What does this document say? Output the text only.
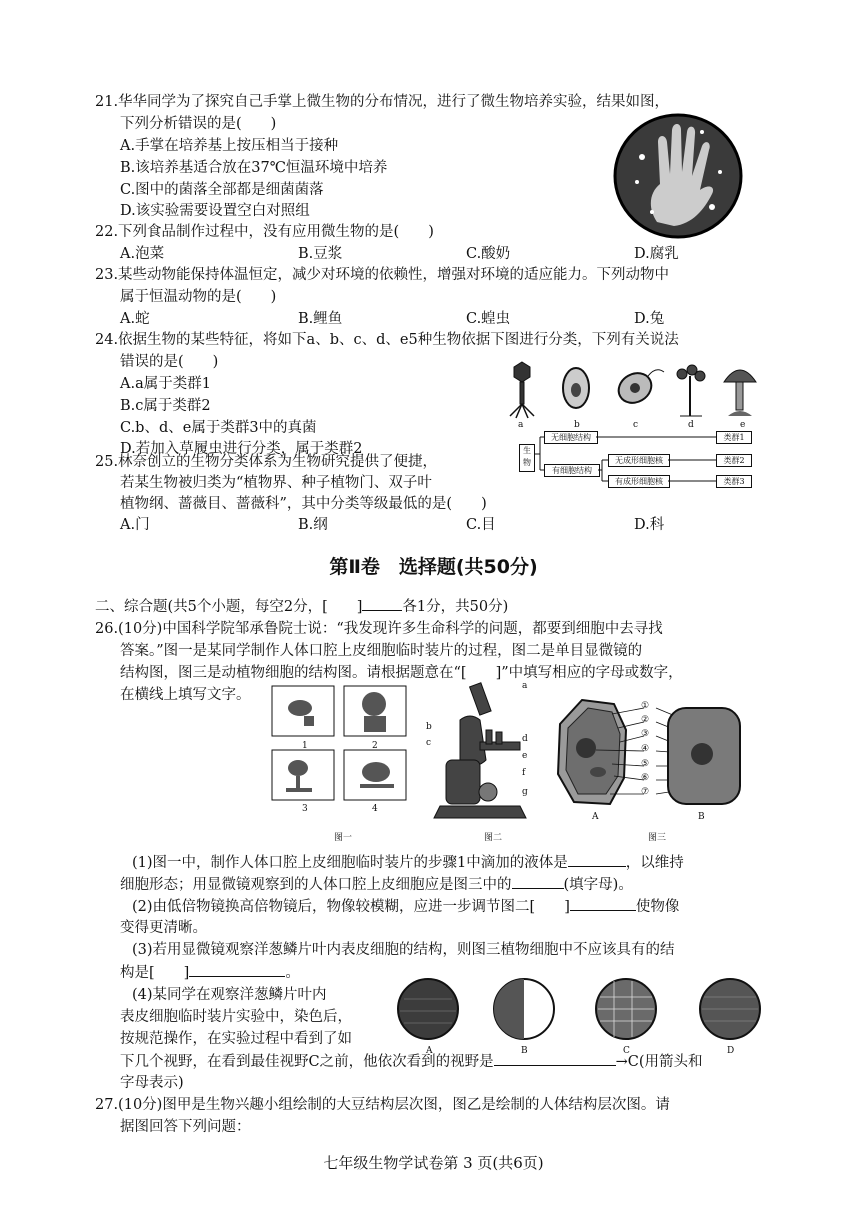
21.华华同学为了探究自己手掌上微生物的分布情况，进行了微生物培养实验，结果如图，
下列分析错误的是(　　)
A.手掌在培养基上按压相当于接种
B.该培养基适合放在37℃恒温环境中培养
C.图中的菌落全部都是细菌菌落
D.该实验需要设置空白对照组
22.下列食品制作过程中，没有应用微生物的是(　　)
A.泡菜	B.豆浆	C.酸奶	D.腐乳
23.某些动物能保持体温恒定，减少对环境的依赖性，增强对环境的适应能力。下列动物中
属于恒温动物的是(　　)
A.蛇	B.鲤鱼	C.蝗虫	D.兔
24.依据生物的某些特征，将如下a、b、c、d、e5种生物依据下图进行分类，下列有关说法
错误的是(　　)
A.a属于类群1
B.c属于类群2
C.b、d、e属于类群3中的真菌
D.若加入草履虫进行分类，属于类群2
a	b	c	d	e
生物
无细胞结构
有细胞结构
无成形细胞核
有成形细胞核
类群1
类群2
类群3
25.林奈创立的生物分类体系为生物研究提供了便捷，
若某生物被归类为“植物界、种子植物门、双子叶
植物纲、蔷薇目、蔷薇科”，其中分类等级最低的是(　　)
A.门	B.纲	C.目	D.科
第Ⅱ卷　选择题(共50分)
二、综合题(共5个小题，每空2分，[　　]	各1分，共50分)
26.(10分)中国科学院邹承鲁院士说：“我发现许多生命科学的问题，都要到细胞中去寻找
答案。”图一是某同学制作人体口腔上皮细胞临时装片的过程，图二是单目显微镜的
结构图，图三是动植物细胞的结构图。请根据题意在“[　　]”中填写相应的字母或数字，
在横线上填写文字。
1	2
3	4
图一
a
b
c	d
e
f
g
图二
①
②
③
④
⑤
⑥
⑦
A	B
图三
(1)图一中，制作人体口腔上皮细胞临时装片的步骤1中滴加的液体是	，以维持
细胞形态；用显微镜观察到的人体口腔上皮细胞应是图三中的	(填字母)。
(2)由低倍物镜换高倍物镜后，物像较模糊，应进一步调节图二[　　]	使物像
变得更清晰。
(3)若用显微镜观察洋葱鳞片叶内表皮细胞的结构，则图三植物细胞中不应该具有的结
构是[　　]	。
(4)某同学在观察洋葱鳞片叶内
表皮细胞临时装片实验中，染色后，
按规范操作，在实验过程中看到了如
下几个视野，在看到最佳视野C之前，他依次看到的视野是	→C(用箭头和
字母表示)
A	B	C	D
27.(10分)图甲是生物兴趣小组绘制的大豆结构层次图，图乙是绘制的人体结构层次图。请
据图回答下列问题：
七年级生物学试卷第 3 页(共6页)
